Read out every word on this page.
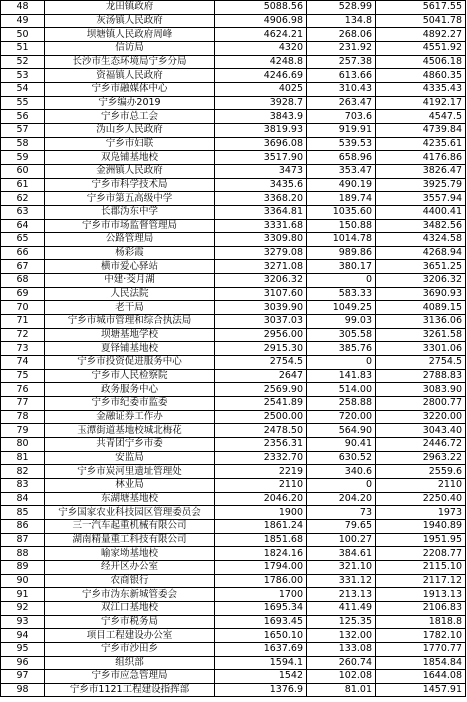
48	龙田镇政府	5088.56	528.99	5617.55
49	灰汤镇人民政府	4906.98	134.8	5041.78
50	坝塘镇人民政府周峰	4624.21	268.06	4892.27
51	信访局	4320	231.92	4551.92
52	长沙市生态环境局宁乡分局	4248.8	257.38	4506.18
53	资福镇人民政府	4246.69	613.66	4860.35
54	宁乡市融媒体中心	4025	310.43	4335.43
55	宁乡编办2019	3928.7	263.47	4192.17
56	宁乡市总工会	3843.9	703.6	4547.5
57	沩山乡人民政府	3819.93	919.91	4739.84
58	宁乡市妇联	3696.08	539.53	4235.61
59	双凫铺基地校	3517.90	658.96	4176.86
60	金洲镇人民政府	3473	353.47	3826.47
61	宁乡市科学技术局	3435.6	490.19	3925.79
62	宁乡市第五高级中学	3368.20	189.74	3557.94
63	长郡沩东中学	3364.81	1035.60	4400.41
64	宁乡市市场监督管理局	3331.68	150.88	3482.56
65	公路管理局	3309.80	1014.78	4324.58
66	杨彩霞	3279.08	989.86	4268.94
67	横市爱心驿站	3271.08	380.17	3651.25
68	中建·茭月湖	3206.32	0	3206.32
69	人民法院	3107.60	583.33	3690.93
70	老干局	3039.90	1049.25	4089.15
71	宁乡市城市管理和综合执法局	3037.03	99.03	3136.06
72	坝塘基地学校	2956.00	305.58	3261.58
73	夏铎铺基地校	2915.30	385.76	3301.06
74	宁乡市投资促进服务中心	2754.5	0	2754.5
75	宁乡市人民检察院	2647	141.83	2788.83
76	政务服务中心	2569.90	514.00	3083.90
77	宁乡市纪委市监委	2541.89	258.88	2800.77
78	金融证券工作办	2500.00	720.00	3220.00
79	玉潭街道基地校城北梅花	2478.50	564.90	3043.40
80	共青团宁乡市委	2356.31	90.41	2446.72
81	安监局	2332.70	630.52	2963.22
82	宁乡市炭河里遗址管理处	2219	340.6	2559.6
83	林业局	2110	0	2110
84	东湖塘基地校	2046.20	204.20	2250.40
85	宁乡国家农业科技园区管理委员会	1900	73	1973
86	三一汽车起重机械有限公司	1861.24	79.65	1940.89
87	湖南精量重工科技有限公司	1851.68	100.27	1951.95
88	喻家坳基地校	1824.16	384.61	2208.77
89	经开区办公室	1794.00	321.10	2115.10
90	农商银行	1786.00	331.12	2117.12
91	宁乡市沩东新城管委会	1700	213.13	1913.13
92	双江口基地校	1695.34	411.49	2106.83
93	宁乡市税务局	1693.45	125.35	1818.8
94	项目工程建设办公室	1650.10	132.00	1782.10
95	宁乡市沙田乡	1637.69	133.08	1770.77
96	组织部	1594.1	260.74	1854.84
97	宁乡市应急管理局	1542	102.08	1644.08
98	宁乡市1121工程建设指挥部	1376.9	81.01	1457.91
